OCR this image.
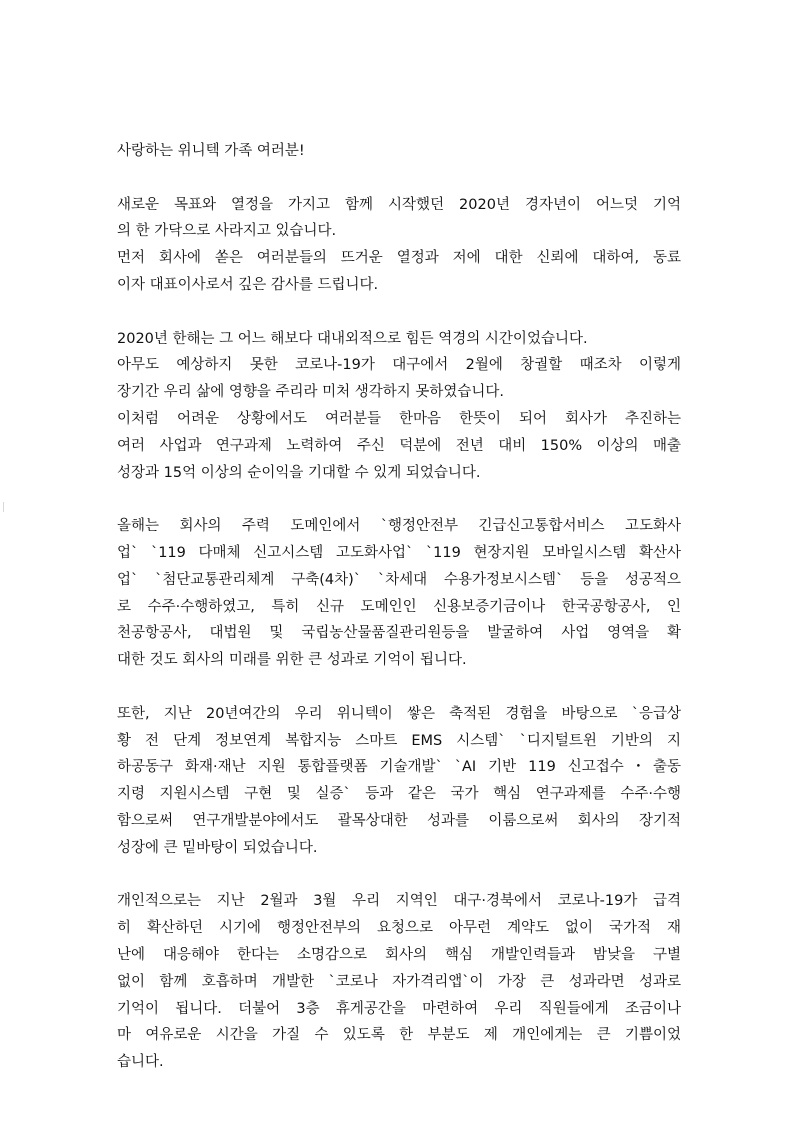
사랑하는 위니텍 가족 여러분!
새로운 목표와 열정을 가지고 함께 시작했던 2020년 경자년이 어느덧 기억
의 한 가닥으로 사라지고 있습니다.
먼저 회사에 쏟은 여러분들의 뜨거운 열정과 저에 대한 신뢰에 대하여, 동료
이자 대표이사로서 깊은 감사를 드립니다.
2020년 한해는 그 어느 해보다 대내외적으로 힘든 역경의 시간이었습니다.
아무도 예상하지 못한 코로나-19가 대구에서 2월에 창궐할 때조차 이렇게
장기간 우리 삶에 영향을 주리라 미처 생각하지 못하였습니다.
이처럼 어려운 상황에서도 여러분들 한마음 한뜻이 되어 회사가 추진하는
여러 사업과 연구과제 노력하여 주신 덕분에 전년 대비 150% 이상의 매출
성장과 15억 이상의 순이익을 기대할 수 있게 되었습니다.
올해는 회사의 주력 도메인에서 `행정안전부 긴급신고통합서비스 고도화사
업` `119 다매체 신고시스템 고도화사업` `119 현장지원 모바일시스템 확산사
업` `첨단교통관리체계 구축(4차)` `차세대 수용가정보시스템` 등을 성공적으
로 수주·수행하였고, 특히 신규 도메인인 신용보증기금이나 한국공항공사, 인
천공항공사, 대법원 및 국립농산물품질관리원등을 발굴하여 사업 영역을 확
대한 것도 회사의 미래를 위한 큰 성과로 기억이 됩니다.
또한, 지난 20년여간의 우리 위니텍이 쌓은 축적된 경험을 바탕으로 `응급상
황 전 단계 정보연계 복합지능 스마트 EMS 시스템` `디지털트윈 기반의 지
하공동구 화재·재난 지원 통합플랫폼 기술개발` `AI 기반 119 신고접수・출동
지령 지원시스템 구현 및 실증` 등과 같은 국가 핵심 연구과제를 수주·수행
함으로써 연구개발분야에서도 괄목상대한 성과를 이룸으로써 회사의 장기적
성장에 큰 밑바탕이 되었습니다.
개인적으로는 지난 2월과 3월 우리 지역인 대구·경북에서 코로나-19가 급격
히 확산하던 시기에 행정안전부의 요청으로 아무런 계약도 없이 국가적 재
난에 대응해야 한다는 소명감으로 회사의 핵심 개발인력들과 밤낮을 구별
없이 함께 호흡하며 개발한 `코로나 자가격리앱`이 가장 큰 성과라면 성과로
기억이 됩니다. 더불어 3층 휴게공간을 마련하여 우리 직원들에게 조금이나
마 여유로운 시간을 가질 수 있도록 한 부분도 제 개인에게는 큰 기쁨이었
습니다.
